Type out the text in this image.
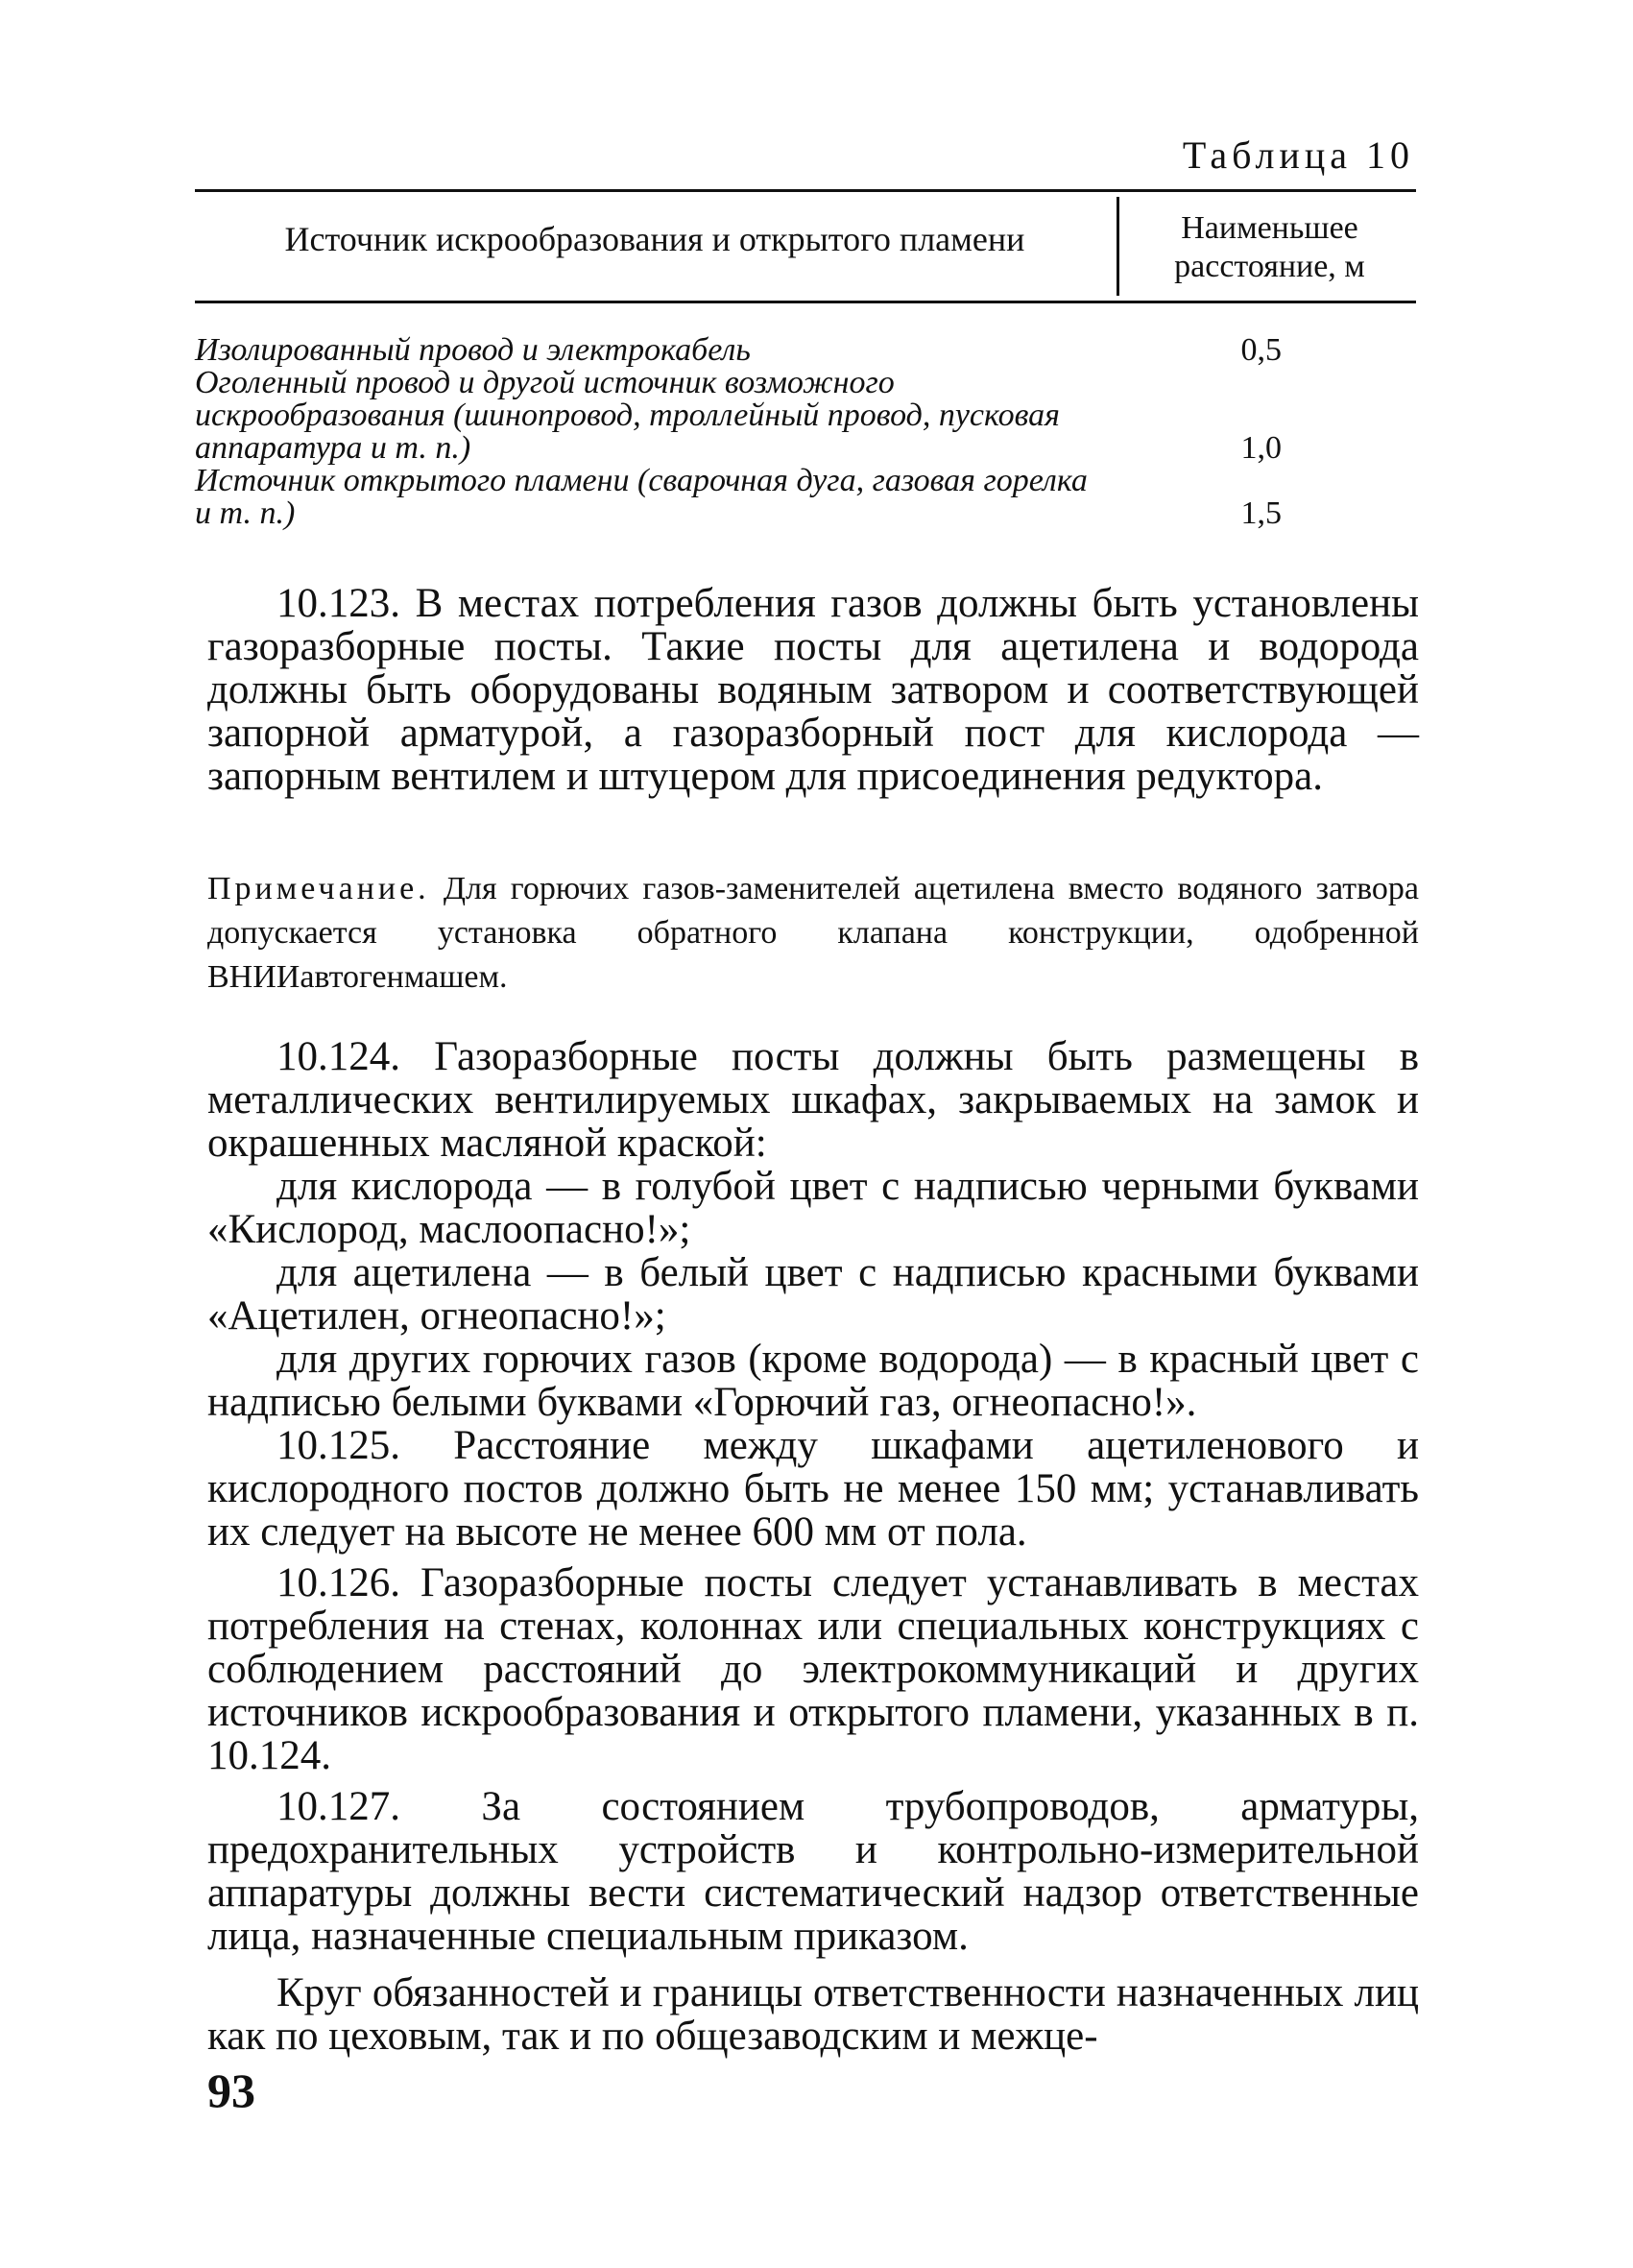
Таблица 10
Источник искрообразования и открытого пламени	Наименьшее
расстояние, м
Изолированный провод и электрокабель	0,5
Оголенный провод и другой источник возможного искрообразования (шинопровод, троллейный провод, пусковая аппаратура и т. п.)	1,0
Источник открытого пламени (сварочная дуга, газовая горелка и т. п.)	1,5

10.123. В местах потребления газов должны быть установлены газоразборные посты. Такие посты для ацетилена и водорода должны быть оборудованы водяным затвором и соответствующей запорной арматурой, а газоразборный пост для кислорода — запорным вентилем и штуцером для присоединения редуктора.

Примечание. Для горючих газов-заменителей ацетилена вместо водяного затвора допускается установка обратного клапана конструкции, одобренной ВНИИавтогенмашем.

10.124. Газоразборные посты должны быть размещены в металлических вентилируемых шкафах, закрываемых на замок и окрашенных масляной краской:

для кислорода — в голубой цвет с надписью черными буквами «Кислород, маслоопасно!»;

для ацетилена — в белый цвет с надписью красными буквами «Ацетилен, огнеопасно!»;

для других горючих газов (кроме водорода) — в красный цвет с надписью белыми буквами «Горючий газ, огнеопасно!».

10.125. Расстояние между шкафами ацетиленового и кислородного постов должно быть не менее 150 мм; устанавливать их следует на высоте не менее 600 мм от пола.

10.126. Газоразборные посты следует устанавливать в местах потребления на стенах, колоннах или специальных конструкциях с соблюдением расстояний до электрокоммуникаций и других источников искрообразования и открытого пламени, указанных в п. 10.124.

10.127. За состоянием трубопроводов, арматуры, предохранительных устройств и контрольно-измерительной аппаратуры должны вести систематический надзор ответственные лица, назначенные специальным приказом.

Круг обязанностей и границы ответственности назначенных лиц как по цеховым, так и по общезаводским и межце-

93
